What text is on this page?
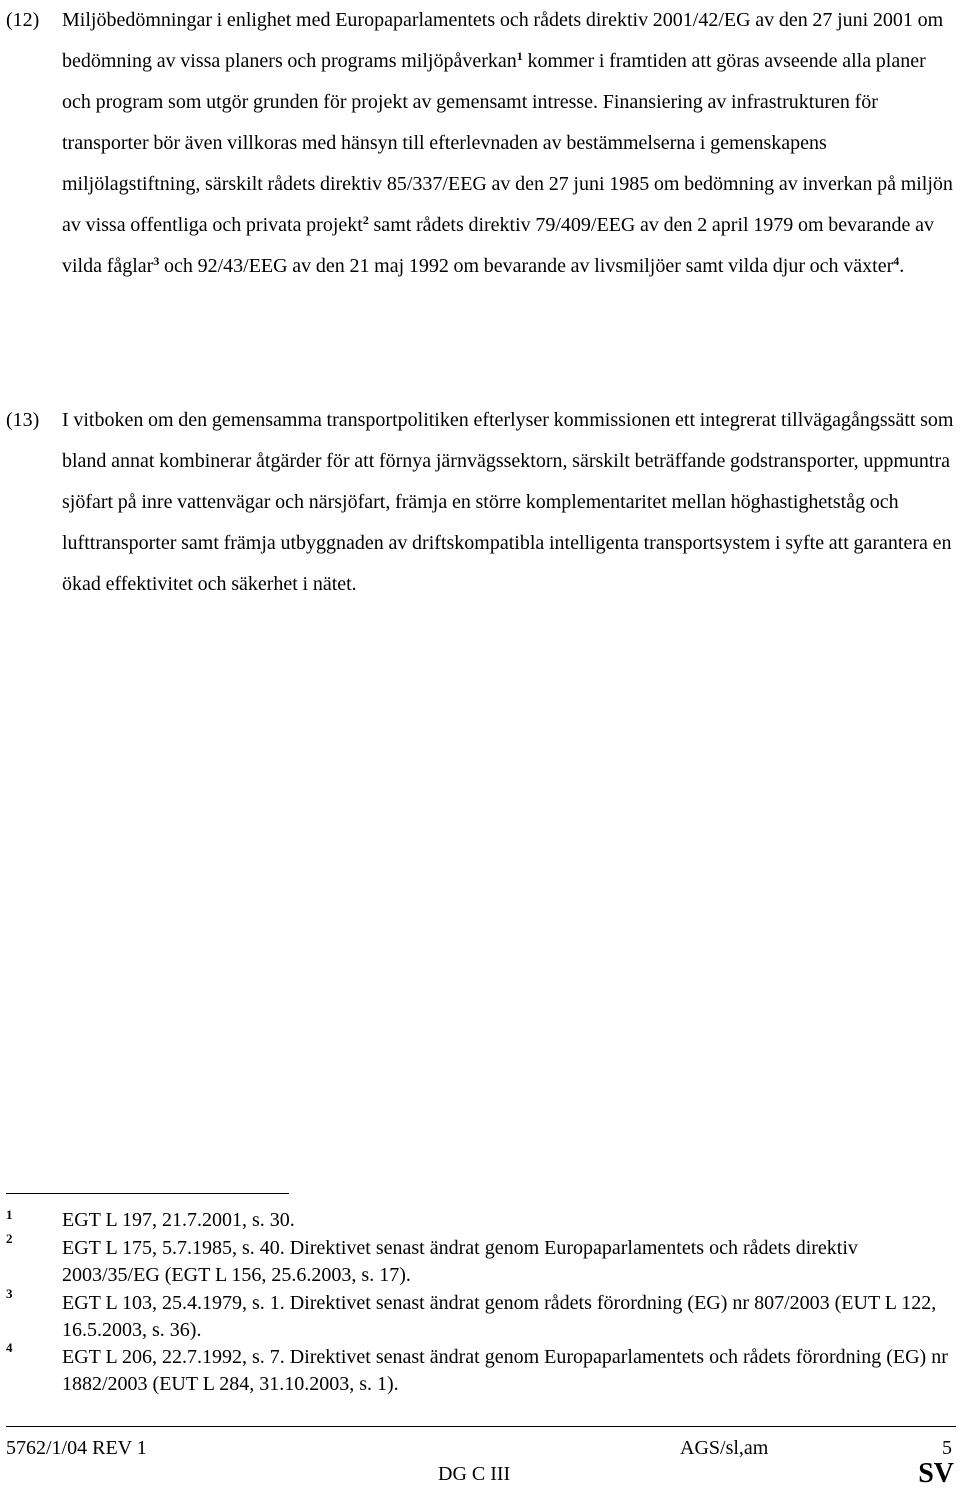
(12) Miljöbedömningar i enlighet med Europaparlamentets och rådets direktiv 2001/42/EG av den 27 juni 2001 om bedömning av vissa planers och programs miljöpåverkan$^1$ kommer i framtiden att göras avseende alla planer och program som utgör grunden för projekt av gemensamt intresse. Finansiering av infrastrukturen för transporter bör även villkoras med hänsyn till efterlevnaden av bestämmelserna i gemenskapens miljölagstiftning, särskilt rådets direktiv 85/337/EEG av den 27 juni 1985 om bedömning av inverkan på miljön av vissa offentliga och privata projekt$^2$ samt rådets direktiv 79/409/EEG av den 2 april 1979 om bevarande av vilda fåglar$^3$ och 92/43/EEG av den 21 maj 1992 om bevarande av livsmiljöer samt vilda djur och växter$^4$.
(13) I vitboken om den gemensamma transportpolitiken efterlyser kommissionen ett integrerat tillvägagångssätt som bland annat kombinerar åtgärder för att förnya järnvägssektorn, särskilt beträffande godstransporter, uppmuntra sjöfart på inre vattenvägar och närsjöfart, främja en större komplementaritet mellan höghastighetståg och lufttransporter samt främja utbyggnaden av driftskompatibla intelligenta transportsystem i syfte att garantera en ökad effektivitet och säkerhet i nätet.
1 EGT L 197, 21.7.2001, s. 30.
2 EGT L 175, 5.7.1985, s. 40. Direktivet senast ändrat genom Europaparlamentets och rådets direktiv 2003/35/EG (EGT L 156, 25.6.2003, s. 17).
3 EGT L 103, 25.4.1979, s. 1. Direktivet senast ändrat genom rådets förordning (EG) nr 807/2003 (EUT L 122, 16.5.2003, s. 36).
4 EGT L 206, 22.7.1992, s. 7. Direktivet senast ändrat genom Europaparlamentets och rådets förordning (EG) nr 1882/2003 (EUT L 284, 31.10.2003, s. 1).
5762/1/04 REV 1	AGS/sl,am	5
DG C III	SV
